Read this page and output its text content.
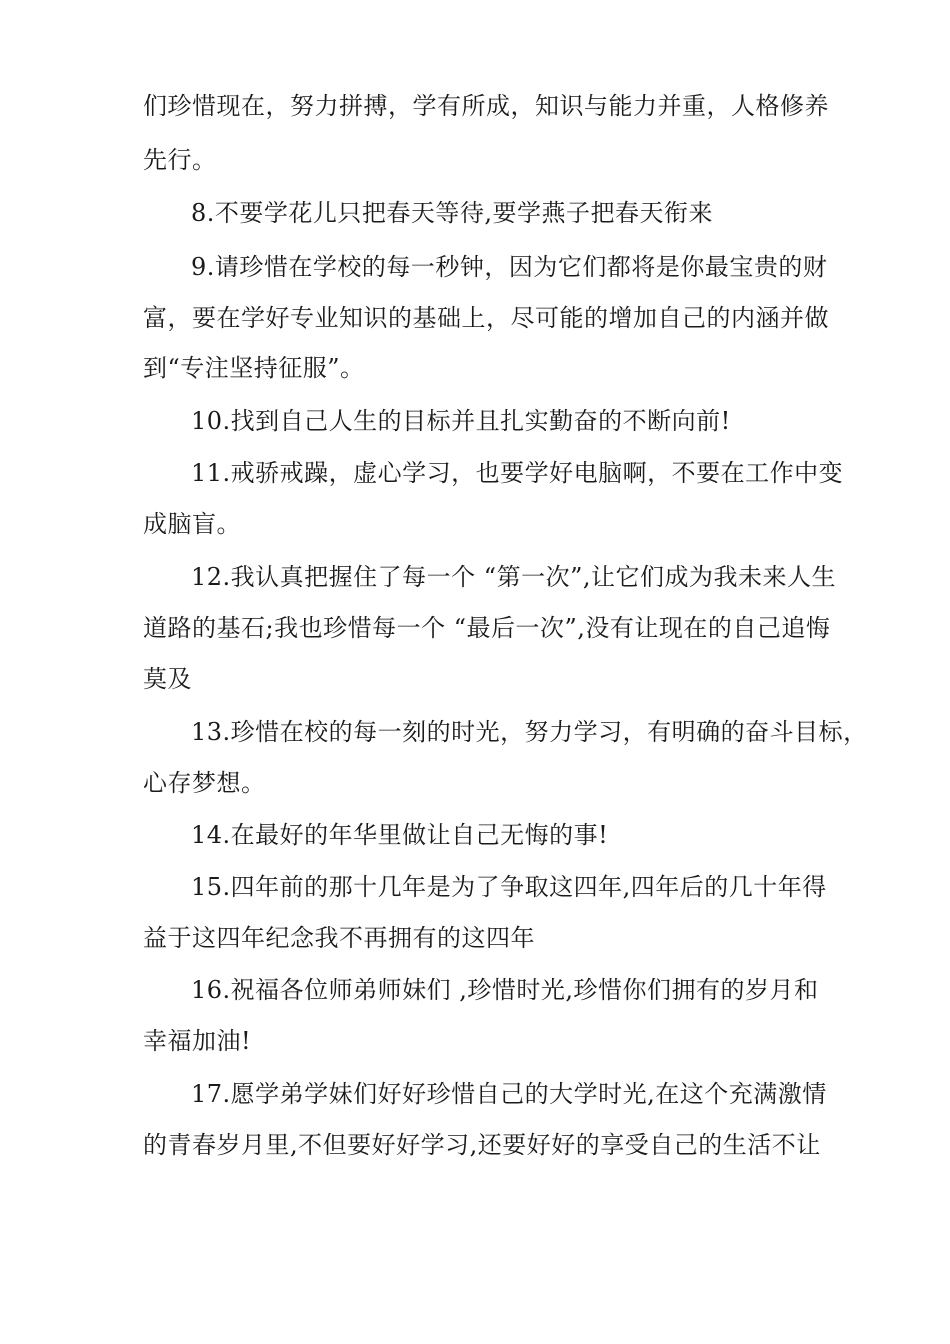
们珍惜现在，努力拼搏，学有所成，知识与能力并重，人格修养
先行。
8.不要学花儿只把春天等待,要学燕子把春天衔来
9.请珍惜在学校的每一秒钟，因为它们都将是你最宝贵的财
富，要在学好专业知识的基础上，尽可能的增加自己的内涵并做
到“专注坚持征服”。
10.找到自己人生的目标并且扎实勤奋的不断向前!
11.戒骄戒躁，虚心学习，也要学好电脑啊，不要在工作中变
成脑盲。
12.我认真把握住了每一个 “第一次”,让它们成为我未来人生
道路的基石;我也珍惜每一个 “最后一次”,没有让现在的自己追悔
莫及
13.珍惜在校的每一刻的时光，努力学习，有明确的奋斗目标，
心存梦想。
14.在最好的年华里做让自己无悔的事!
15.四年前的那十几年是为了争取这四年,四年后的几十年得
益于这四年纪念我不再拥有的这四年
16.祝福各位师弟师妹们 ,珍惜时光,珍惜你们拥有的岁月和
幸福加油!
17.愿学弟学妹们好好珍惜自己的大学时光,在这个充满激情
的青春岁月里,不但要好好学习,还要好好的享受自己的生活不让
